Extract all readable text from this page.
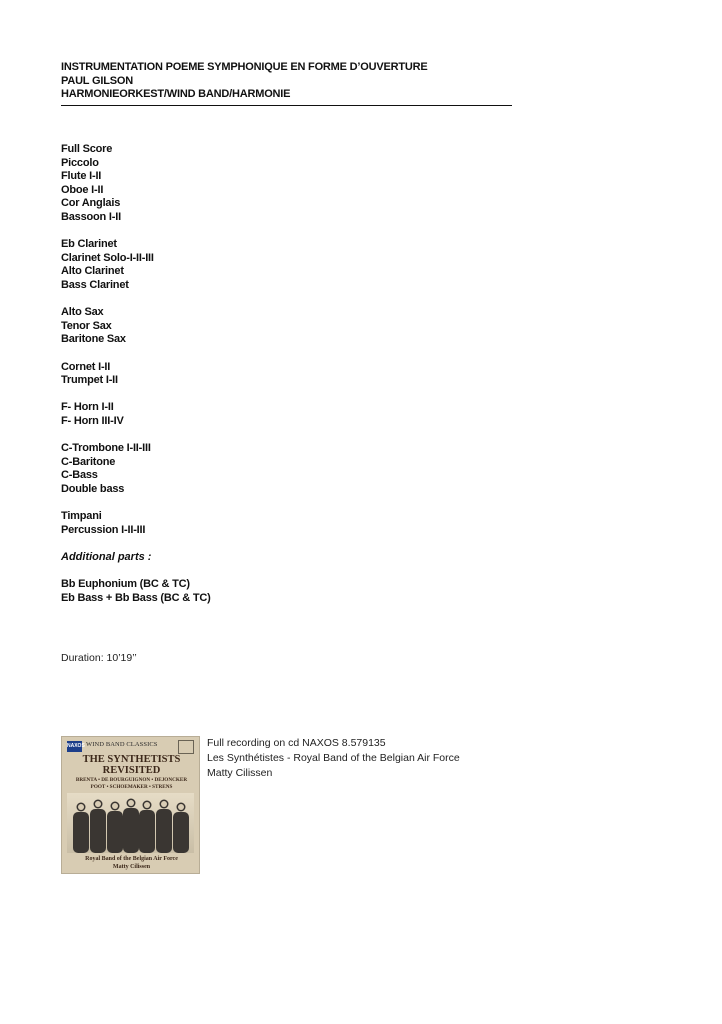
INSTRUMENTATION POEME SYMPHONIQUE EN FORME D’OUVERTURE
PAUL GILSON
HARMONIEORKEST/WIND BAND/HARMONIE
Full Score
Piccolo
Flute I-II
Oboe I-II
Cor Anglais
Bassoon I-II
Eb Clarinet
Clarinet Solo-I-II-III
Alto Clarinet
Bass Clarinet
Alto Sax
Tenor Sax
Baritone Sax
Cornet I-II
Trumpet I-II
F- Horn I-II
F- Horn III-IV
C-Trombone I-II-III
C-Baritone
C-Bass
Double bass
Timpani
Percussion I-II-III
Additional parts :
Bb Euphonium (BC & TC)
Eb Bass + Bb Bass (BC & TC)
Duration: 10’19’’
NAXOS WIND BAND CLASSICS
THE SYNTHETISTS
REVISITED
BRENTA • DE BOURGUIGNON • DEJONCKER
POOT • SCHOEMAKER • STRENS
Royal Band of the Belgian Air Force
Matty Cilissen
Full recording on cd NAXOS 8.579135
Les Synthétistes - Royal Band of the Belgian Air Force
Matty Cilissen
